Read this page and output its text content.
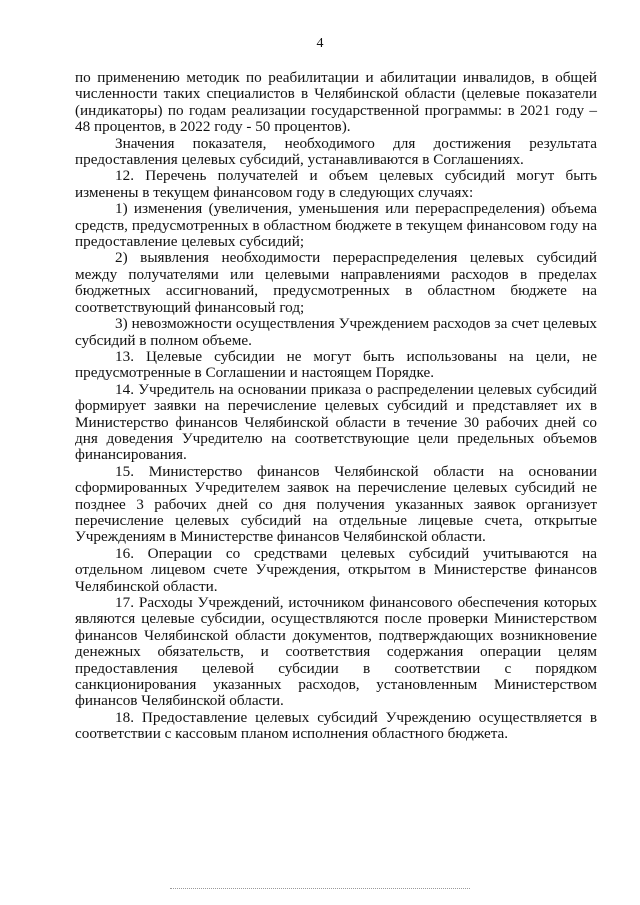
4

по применению методик по реабилитации и абилитации инвалидов, в общей численности таких специалистов в Челябинской области (целевые показатели (индикаторы) по годам реализации государственной программы: в 2021 году – 48 процентов, в 2022 году - 50 процентов).

Значения показателя, необходимого для достижения результата предоставления целевых субсидий, устанавливаются в Соглашениях.

12. Перечень получателей и объем целевых субсидий могут быть изменены в текущем финансовом году в следующих случаях:

1) изменения (увеличения, уменьшения или перераспределения) объема средств, предусмотренных в областном бюджете в текущем финансовом году на предоставление целевых субсидий;

2) выявления необходимости перераспределения целевых субсидий между получателями или целевыми направлениями расходов в пределах бюджетных ассигнований, предусмотренных в областном бюджете на соответствующий финансовый год;

3) невозможности осуществления Учреждением расходов за счет целевых субсидий в полном объеме.

13. Целевые субсидии не могут быть использованы на цели, не предусмотренные в Соглашении и настоящем Порядке.

14. Учредитель на основании приказа о распределении целевых субсидий формирует заявки на перечисление целевых субсидий и представляет их в Министерство финансов Челябинской области в течение 30 рабочих дней со дня доведения Учредителю на соответствующие цели предельных объемов финансирования.

15. Министерство финансов Челябинской области на основании сформированных Учредителем заявок на перечисление целевых субсидий не позднее 3 рабочих дней со дня получения указанных заявок организует перечисление целевых субсидий на отдельные лицевые счета, открытые Учреждениям в Министерстве финансов Челябинской области.

16. Операции со средствами целевых субсидий учитываются на отдельном лицевом счете Учреждения, открытом в Министерстве финансов Челябинской области.

17. Расходы Учреждений, источником финансового обеспечения которых являются целевые субсидии, осуществляются после проверки Министерством финансов Челябинской области документов, подтверждающих возникновение денежных обязательств, и соответствия содержания операции целям предоставления целевой субсидии в соответствии с порядком санкционирования указанных расходов, установленным Министерством финансов Челябинской области.

18. Предоставление целевых субсидий Учреждению осуществляется в соответствии с кассовым планом исполнения областного бюджета.
